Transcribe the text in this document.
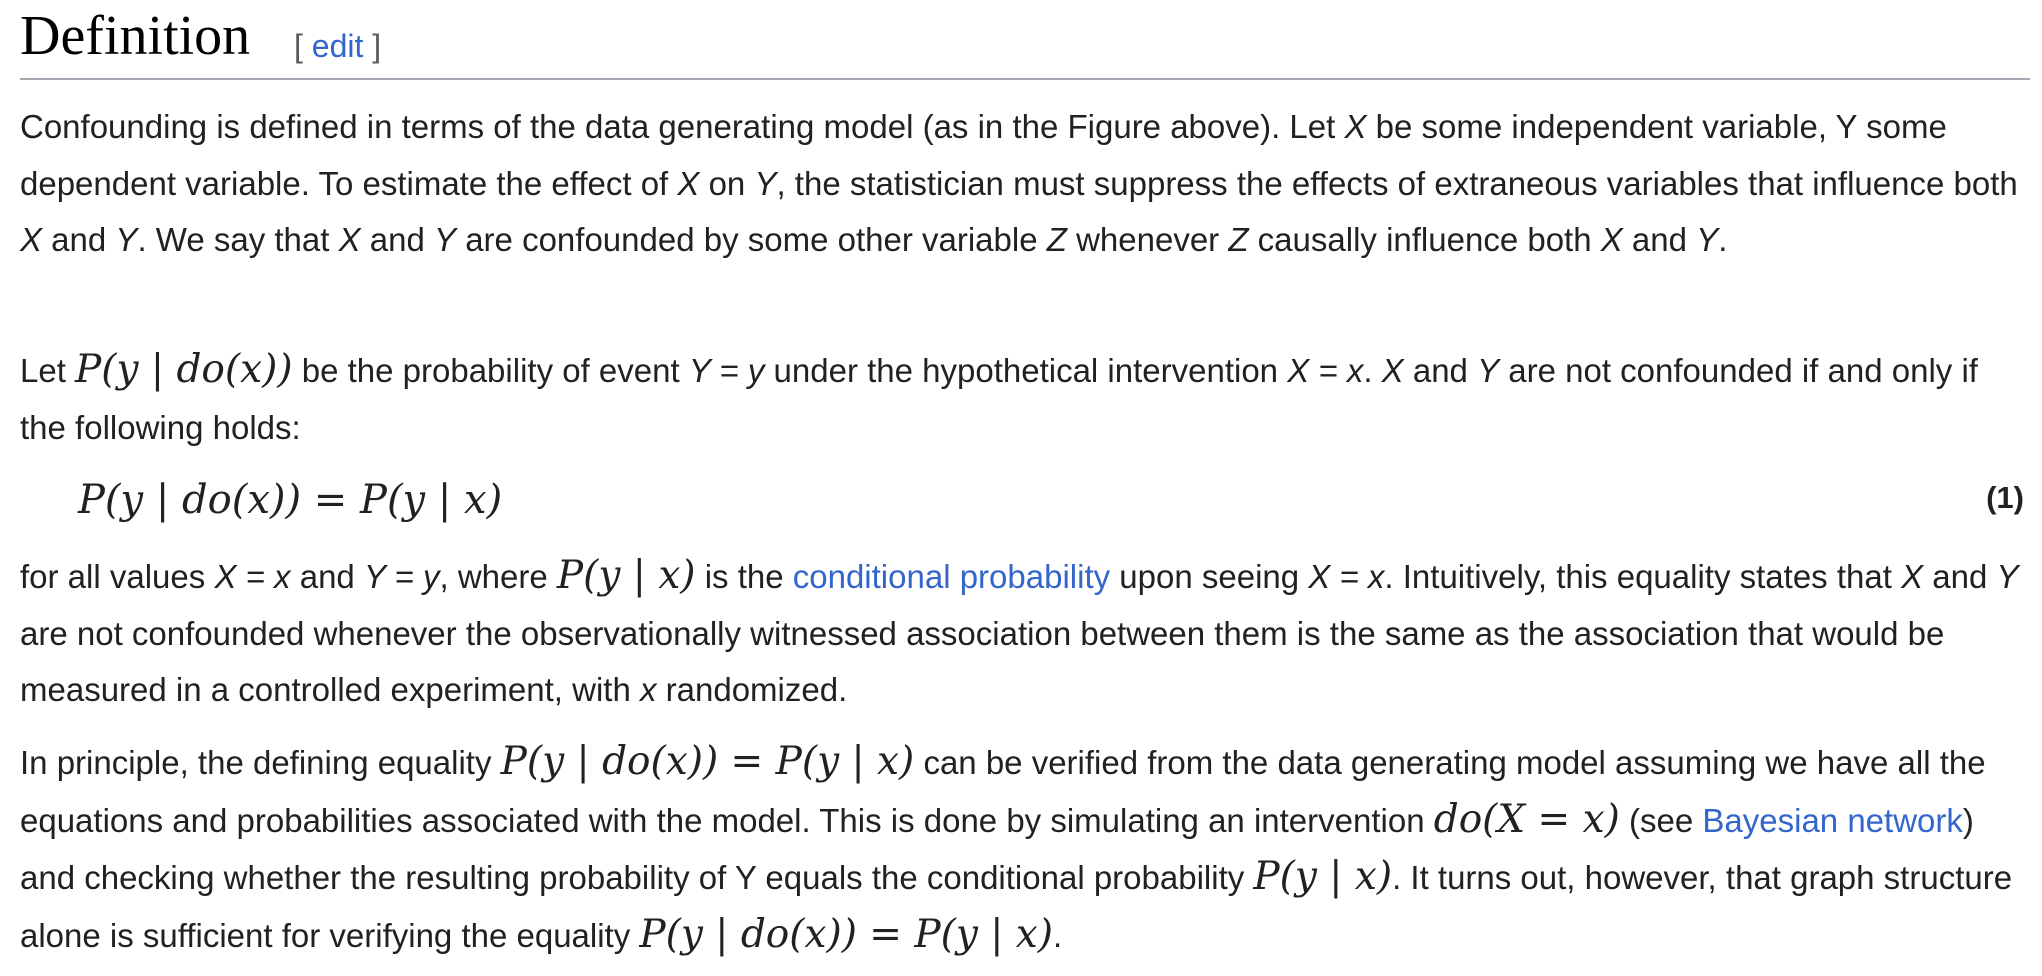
Definition [ edit ]

Confounding is defined in terms of the data generating model (as in the Figure above). Let X be some independent variable, Y some dependent variable. To estimate the effect of X on Y, the statistician must suppress the effects of extraneous variables that influence both X and Y. We say that X and Y are confounded by some other variable Z whenever Z causally influence both X and Y.

Let P(y | do(x)) be the probability of event Y = y under the hypothetical intervention X = x. X and Y are not confounded if and only if the following holds:

P(y | do(x)) = P(y | x)	(1)

for all values X = x and Y = y, where P(y | x) is the conditional probability upon seeing X = x. Intuitively, this equality states that X and Y are not confounded whenever the observationally witnessed association between them is the same as the association that would be measured in a controlled experiment, with x randomized.

In principle, the defining equality P(y | do(x)) = P(y | x) can be verified from the data generating model assuming we have all the equations and probabilities associated with the model. This is done by simulating an intervention do(X = x) (see Bayesian network) and checking whether the resulting probability of Y equals the conditional probability P(y | x). It turns out, however, that graph structure alone is sufficient for verifying the equality P(y | do(x)) = P(y | x).
